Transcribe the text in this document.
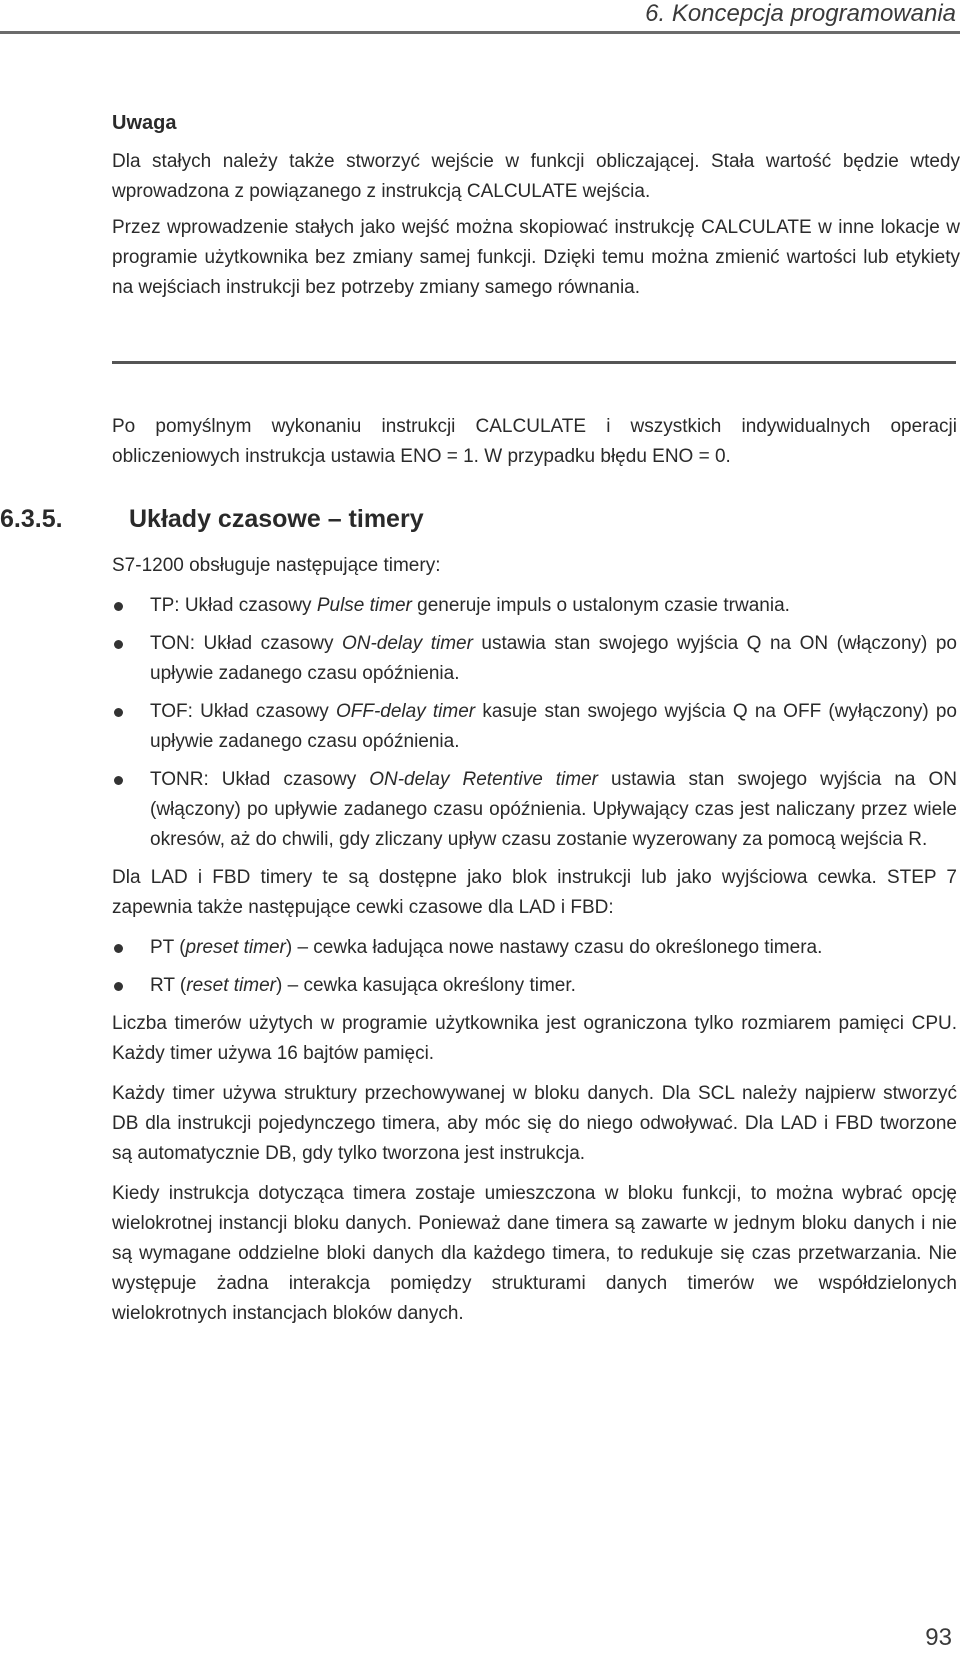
6. Koncepcja programowania
Uwaga

Dla stałych należy także stworzyć wejście w funkcji obliczającej. Stała wartość będzie wtedy wprowadzona z powiązanego z instrukcją CALCULATE wejścia.

Przez wprowadzenie stałych jako wejść można skopiować instrukcję CALCULATE w inne lokacje w programie użytkownika bez zmiany samej funkcji. Dzięki temu można zmienić wartości lub etykiety na wejściach instrukcji bez potrzeby zmiany samego równania.

Po pomyślnym wykonaniu instrukcji CALCULATE i wszystkich indywidualnych operacji obliczeniowych instrukcja ustawia ENO = 1. W przypadku błędu ENO = 0.

6.3.5.	Układy czasowe – timery

S7-1200 obsługuje następujące timery:

TP: Układ czasowy Pulse timer generuje impuls o ustalonym czasie trwania.
TON: Układ czasowy ON-delay timer ustawia stan swojego wyjścia Q na ON (włączony) po upływie zadanego czasu opóźnienia.
TOF: Układ czasowy OFF-delay timer kasuje stan swojego wyjścia Q na OFF (wyłączony) po upływie zadanego czasu opóźnienia.
TONR: Układ czasowy ON-delay Retentive timer ustawia stan swojego wyjścia na ON (włączony) po upływie zadanego czasu opóźnienia. Upływający czas jest naliczany przez wiele okresów, aż do chwili, gdy zliczany upływ czasu zostanie wyzerowany za pomocą wejścia R.

Dla LAD i FBD timery te są dostępne jako blok instrukcji lub jako wyjściowa cewka. STEP 7 zapewnia także następujące cewki czasowe dla LAD i FBD:

PT (preset timer) – cewka ładująca nowe nastawy czasu do określonego timera.
RT (reset timer) – cewka kasująca określony timer.

Liczba timerów użytych w programie użytkownika jest ograniczona tylko rozmiarem pamięci CPU. Każdy timer używa 16 bajtów pamięci.

Każdy timer używa struktury przechowywanej w bloku danych. Dla SCL należy najpierw stworzyć DB dla instrukcji pojedynczego timera, aby móc się do niego odwoływać. Dla LAD i FBD tworzone są automatycznie DB, gdy tylko tworzona jest instrukcja.

Kiedy instrukcja dotycząca timera zostaje umieszczona w bloku funkcji, to można wybrać opcję wielokrotnej instancji bloku danych. Ponieważ dane timera są zawarte w jednym bloku danych i nie są wymagane oddzielne bloki danych dla każdego timera, to redukuje się czas przetwarzania. Nie występuje żadna interakcja pomiędzy strukturami danych timerów we współdzielonych wielokrotnych instancjach bloków danych.

93
